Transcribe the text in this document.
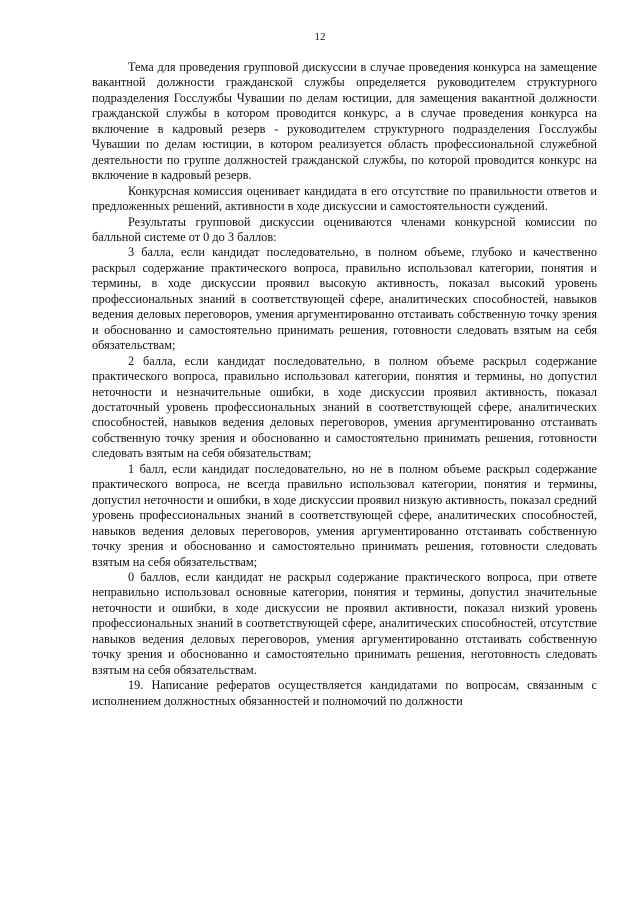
12

Тема для проведения групповой дискуссии в случае проведения конкурса на замещение вакантной должности гражданской службы определяется руководителем структурного подразделения Госслужбы Чувашии по делам юстиции, для замещения вакантной должности гражданской службы в котором проводится конкурс, а в случае проведения конкурса на включение в кадровый резерв - руководителем структурного подразделения Госслужбы Чувашии по делам юстиции, в котором реализуется область профессиональной служебной деятельности по группе должностей гражданской службы, по которой проводится конкурс на включение в кадровый резерв.

Конкурсная комиссия оценивает кандидата в его отсутствие по правильности ответов и предложенных решений, активности в ходе дискуссии и самостоятельности суждений.

Результаты групповой дискуссии оцениваются членами конкурсной комиссии по балльной системе от 0 до 3 баллов:

3 балла, если кандидат последовательно, в полном объеме, глубоко и качественно раскрыл содержание практического вопроса, правильно использовал категории, понятия и термины, в ходе дискуссии проявил высокую активность, показал высокий уровень профессиональных знаний в соответствующей сфере, аналитических способностей, навыков ведения деловых переговоров, умения аргументированно отстаивать собственную точку зрения и обоснованно и самостоятельно принимать решения, готовности следовать взятым на себя обязательствам;

2 балла, если кандидат последовательно, в полном объеме раскрыл содержание практического вопроса, правильно использовал категории, понятия и термины, но допустил неточности и незначительные ошибки, в ходе дискуссии проявил активность, показал достаточный уровень профессиональных знаний в соответствующей сфере, аналитических способностей, навыков ведения деловых переговоров, умения аргументированно отстаивать собственную точку зрения и обоснованно и самостоятельно принимать решения, готовности следовать взятым на себя обязательствам;

1 балл, если кандидат последовательно, но не в полном объеме раскрыл содержание практического вопроса, не всегда правильно использовал категории, понятия и термины, допустил неточности и ошибки, в ходе дискуссии проявил низкую активность, показал средний уровень профессиональных знаний в соответствующей сфере, аналитических способностей, навыков ведения деловых переговоров, умения аргументированно отстаивать собственную точку зрения и обоснованно и самостоятельно принимать решения, готовности следовать взятым на себя обязательствам;

0 баллов, если кандидат не раскрыл содержание практического вопроса, при ответе неправильно использовал основные категории, понятия и термины, допустил значительные неточности и ошибки, в ходе дискуссии не проявил активности, показал низкий уровень профессиональных знаний в соответствующей сфере, аналитических способностей, отсутствие навыков ведения деловых переговоров, умения аргументированно отстаивать собственную точку зрения и обоснованно и самостоятельно принимать решения, неготовность следовать взятым на себя обязательствам.

19. Написание рефератов осуществляется кандидатами по вопросам, связанным с исполнением должностных обязанностей и полномочий по должности
